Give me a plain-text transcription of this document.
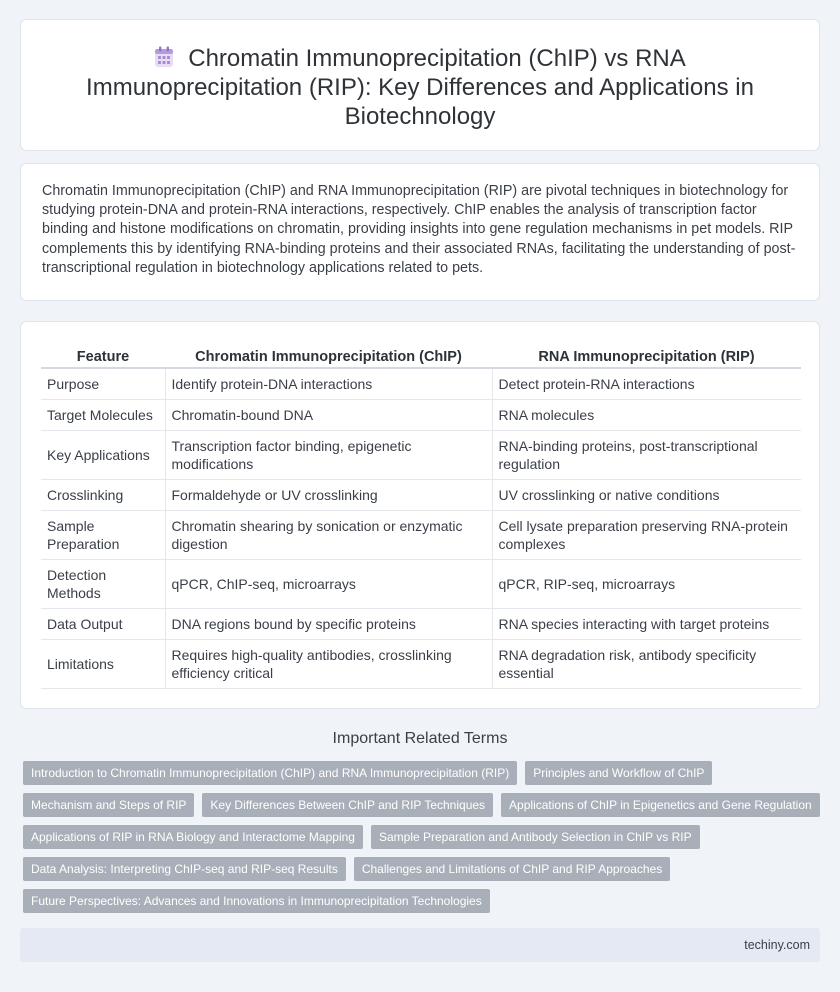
Chromatin Immunoprecipitation (ChIP) vs RNA Immunoprecipitation (RIP): Key Differences and Applications in Biotechnology

Chromatin Immunoprecipitation (ChIP) and RNA Immunoprecipitation (RIP) are pivotal techniques in biotechnology for studying protein-DNA and protein-RNA interactions, respectively. ChIP enables the analysis of transcription factor binding and histone modifications on chromatin, providing insights into gene regulation mechanisms in pet models. RIP complements this by identifying RNA-binding proteins and their associated RNAs, facilitating the understanding of post-transcriptional regulation in biotechnology applications related to pets.

Feature	Chromatin Immunoprecipitation (ChIP)	RNA Immunoprecipitation (RIP)
Purpose	Identify protein-DNA interactions	Detect protein-RNA interactions
Target Molecules	Chromatin-bound DNA	RNA molecules
Key Applications	Transcription factor binding, epigenetic modifications	RNA-binding proteins, post-transcriptional regulation
Crosslinking	Formaldehyde or UV crosslinking	UV crosslinking or native conditions
Sample Preparation	Chromatin shearing by sonication or enzymatic digestion	Cell lysate preparation preserving RNA-protein complexes
Detection Methods	qPCR, ChIP-seq, microarrays	qPCR, RIP-seq, microarrays
Data Output	DNA regions bound by specific proteins	RNA species interacting with target proteins
Limitations	Requires high-quality antibodies, crosslinking efficiency critical	RNA degradation risk, antibody specificity essential
Important Related Terms
Introduction to Chromatin Immunoprecipitation (ChIP) and RNA Immunoprecipitation (RIP)	Principles and Workflow of ChIP
Mechanism and Steps of RIP	Key Differences Between ChIP and RIP Techniques	Applications of ChIP in Epigenetics and Gene Regulation
Applications of RIP in RNA Biology and Interactome Mapping	Sample Preparation and Antibody Selection in ChIP vs RIP
Data Analysis: Interpreting ChIP-seq and RIP-seq Results	Challenges and Limitations of ChIP and RIP Approaches
Future Perspectives: Advances and Innovations in Immunoprecipitation Technologies
techiny.com
